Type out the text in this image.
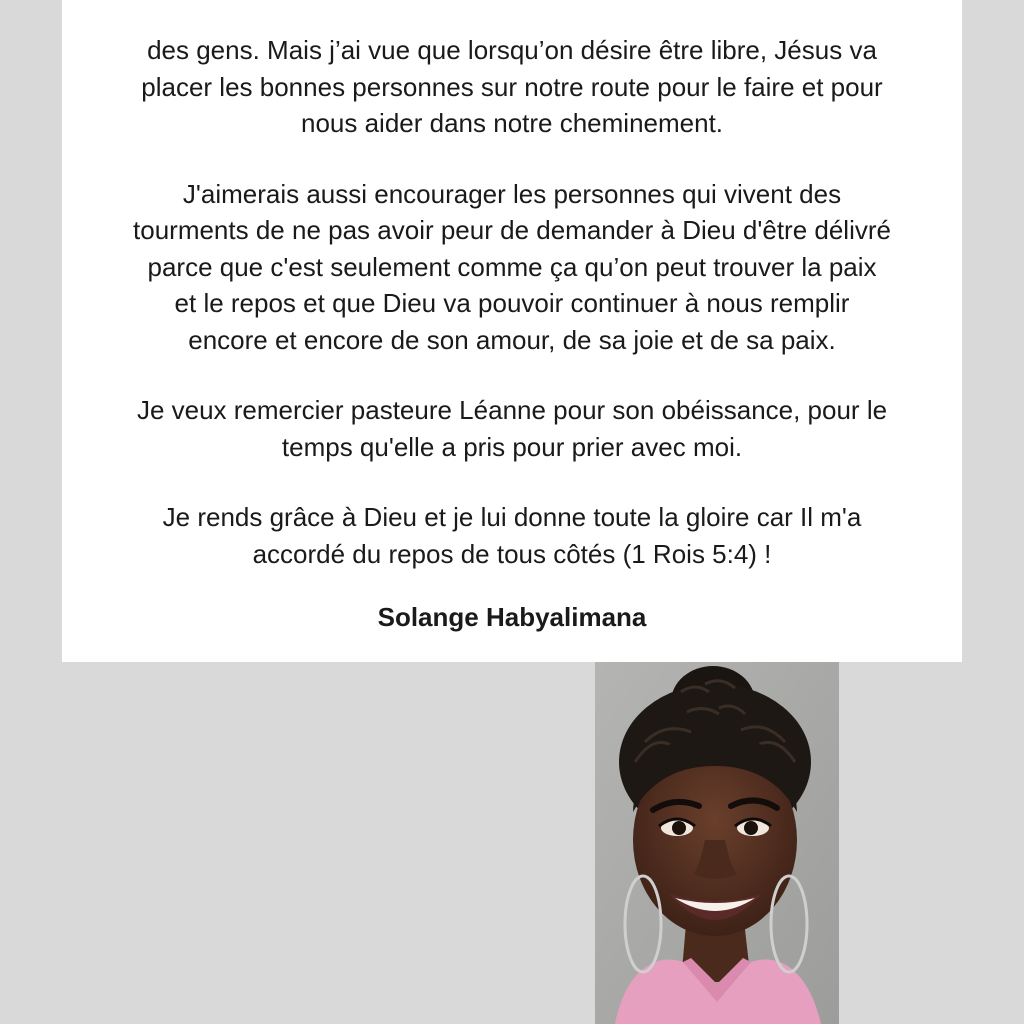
des gens. Mais j’ai vue que lorsqu’on désire être libre, Jésus va

placer les bonnes personnes sur notre route pour le faire et pour

nous aider dans notre cheminement.

J'aimerais aussi encourager les personnes qui vivent des

tourments de ne pas avoir peur de demander à Dieu d'être délivré

parce que c'est seulement comme ça qu’on peut trouver la paix

et le repos et que Dieu va pouvoir continuer à nous remplir

encore et encore de son amour, de sa joie et de sa paix.

Je veux remercier pasteure Léanne pour son obéissance, pour le

temps qu'elle a pris pour prier avec moi.

Je rends grâce à Dieu et je lui donne toute la gloire car Il m'a

accordé du repos de tous côtés (1 Rois 5:4) !

Solange Habyalimana
